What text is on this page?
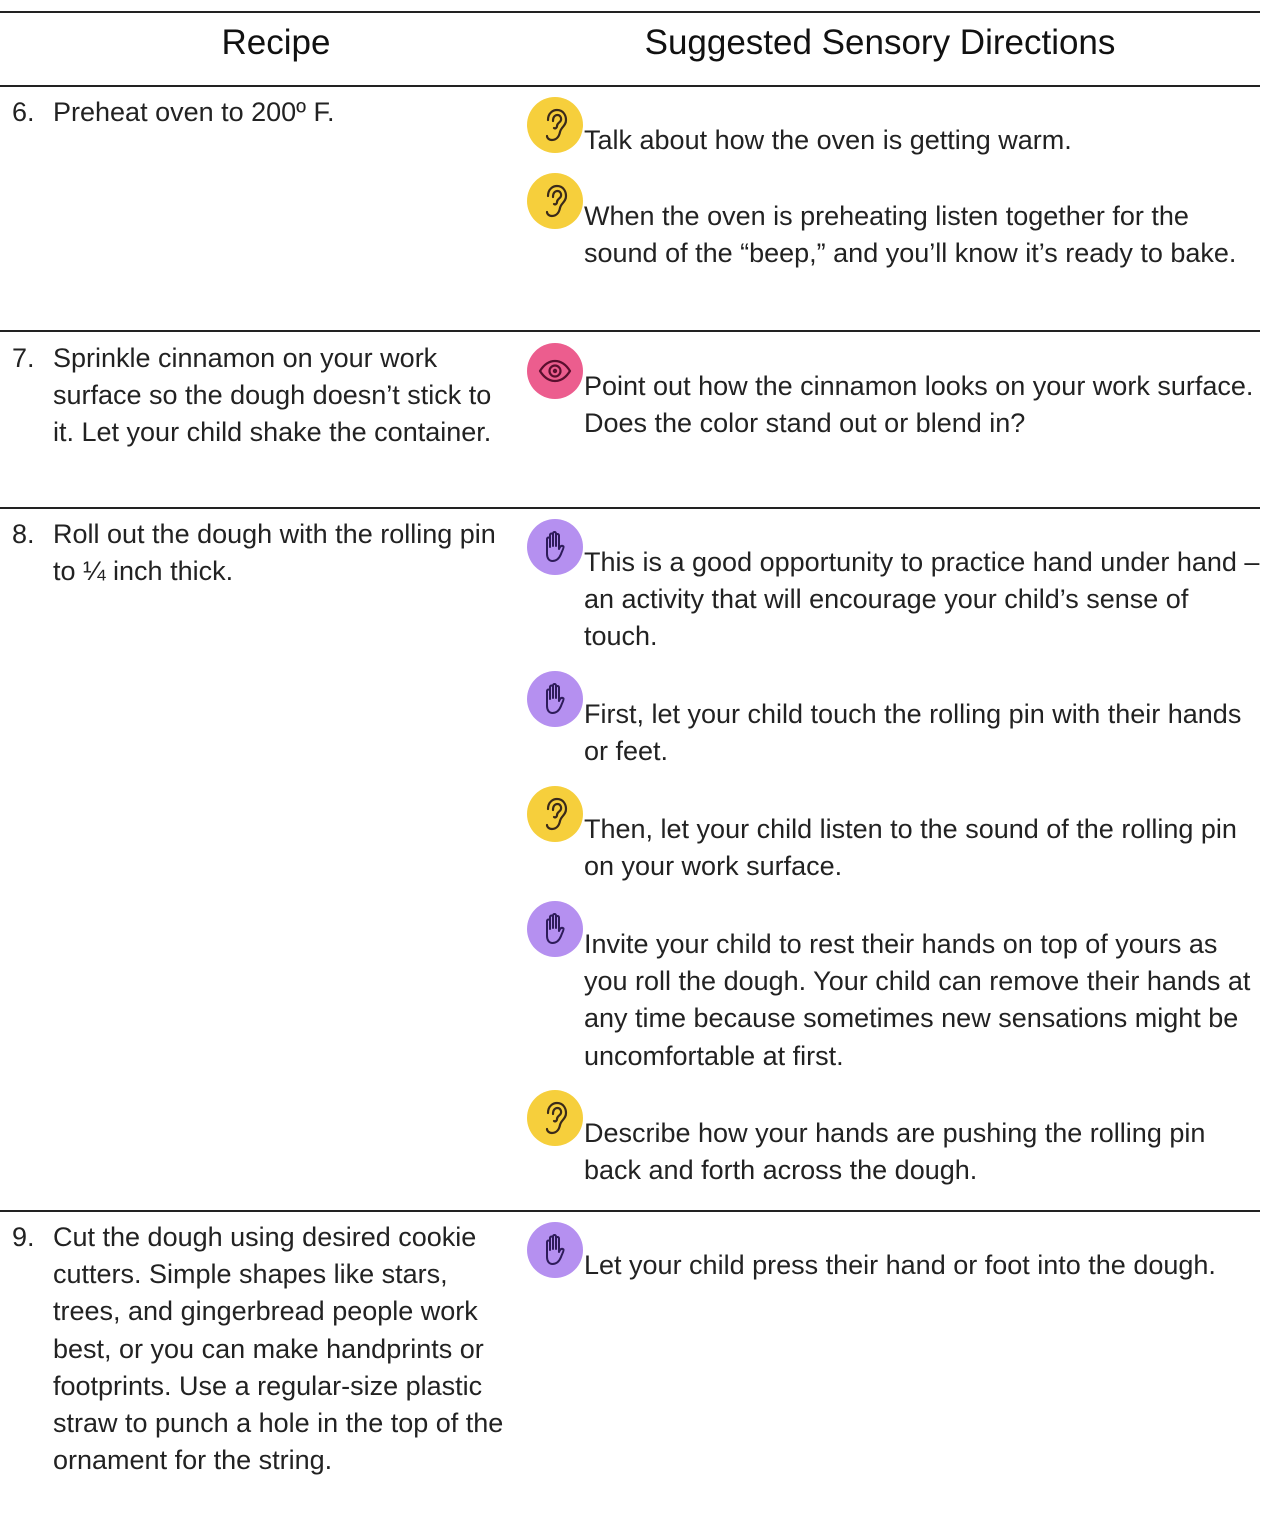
Recipe	Suggested Sensory Directions
6. Preheat oven to 200º F.
Talk about how the oven is getting warm.
When the oven is preheating listen together for the sound of the “beep,” and you’ll know it’s ready to bake.
7. Sprinkle cinnamon on your work surface so the dough doesn’t stick to it. Let your child shake the container.
Point out how the cinnamon looks on your work surface. Does the color stand out or blend in?
8. Roll out the dough with the rolling pin to ¼ inch thick.	This is a good opportunity to practice hand under hand – an activity that will encourage your child’s sense of touch.
First, let your child touch the rolling pin with their hands or feet.
Then, let your child listen to the sound of the rolling pin on your work surface.
Invite your child to rest their hands on top of yours as you roll the dough. Your child can remove their hands at any time because sometimes new sensations might be uncomfortable at first.
Describe how your hands are pushing the rolling pin back and forth across the dough.
9. Cut the dough using desired cookie cutters. Simple shapes like stars, trees, and gingerbread people work best, or you can make handprints or footprints. Use a regular-size plastic straw to punch a hole in the top of the ornament for the string.
Let your child press their hand or foot into the dough.
